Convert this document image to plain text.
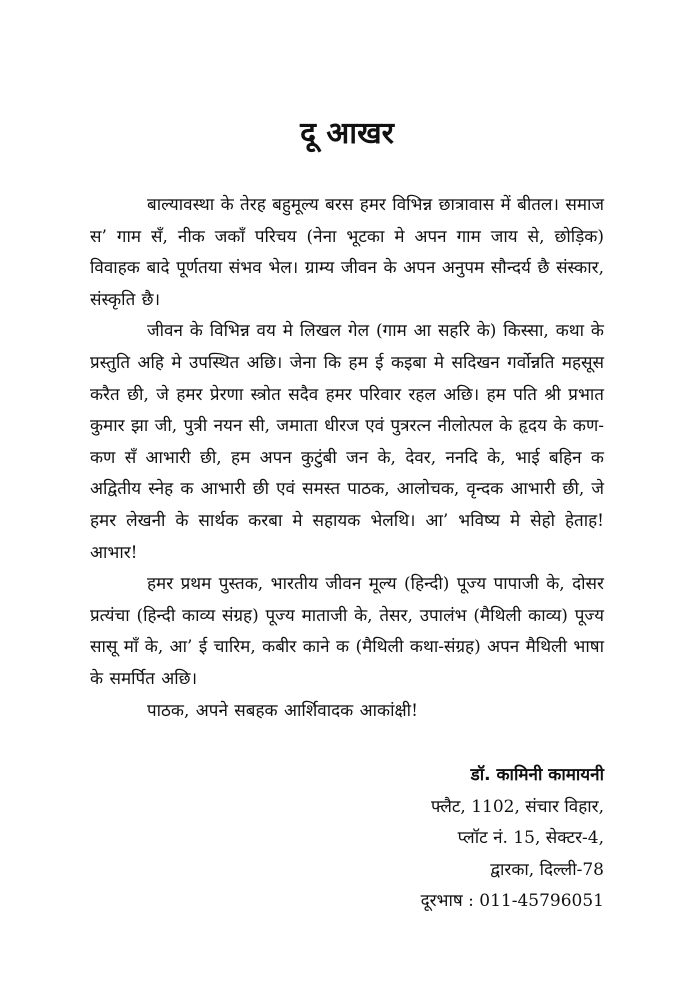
दू आखर

बाल्यावस्था के तेरह बहुमूल्य बरस हमर विभिन्न छात्रावास में बीतल। समाज स’ गाम सँ, नीक जकाँ परिचय (नेना भूटका मे अपन गाम जाय से, छोड़िक) विवाहक बादे पूर्णतया संभव भेल। ग्राम्य जीवन के अपन अनुपम सौन्दर्य छै संस्कार, संस्कृति छै।

जीवन के विभिन्न वय मे लिखल गेल (गाम आ सहरि के) किस्सा, कथा के प्रस्तुति अहि मे उपस्थित अछि। जेना कि हम ई कइबा मे सदिखन गर्वोन्नति महसूस करैत छी, जे हमर प्रेरणा स्त्रोत सदैव हमर परिवार रहल अछि। हम पति श्री प्रभात कुमार झा जी, पुत्री नयन सी, जमाता धीरज एवं पुत्ररत्न नीलोत्पल के हृदय के कण-कण सँ आभारी छी, हम अपन कुटुंबी जन के, देवर, ननदि के, भाई बहिन क अद्वितीय स्नेह क आभारी छी एवं समस्त पाठक, आलोचक, वृन्दक आभारी छी, जे हमर लेखनी के सार्थक करबा मे सहायक भेलथि। आ’ भविष्य मे सेहो हेताह! आभार!

हमर प्रथम पुस्तक, भारतीय जीवन मूल्य (हिन्दी) पूज्य पापाजी के, दोसर प्रत्यंचा (हिन्दी काव्य संग्रह) पूज्य माताजी के, तेसर, उपालंभ (मैथिली काव्य) पूज्य सासू माँ के, आ’ ई चारिम, कबीर काने क (मैथिली कथा-संग्रह) अपन मैथिली भाषा के समर्पित अछि।

पाठक, अपने सबहक आर्शिवादक आकांक्षी!

डॉ. कामिनी कामायनी

फ्लैट, 1102, संचार विहार,

प्लॉट नं. 15, सेक्टर-4,

द्वारका, दिल्ली-78

दूरभाष : 011-45796051
